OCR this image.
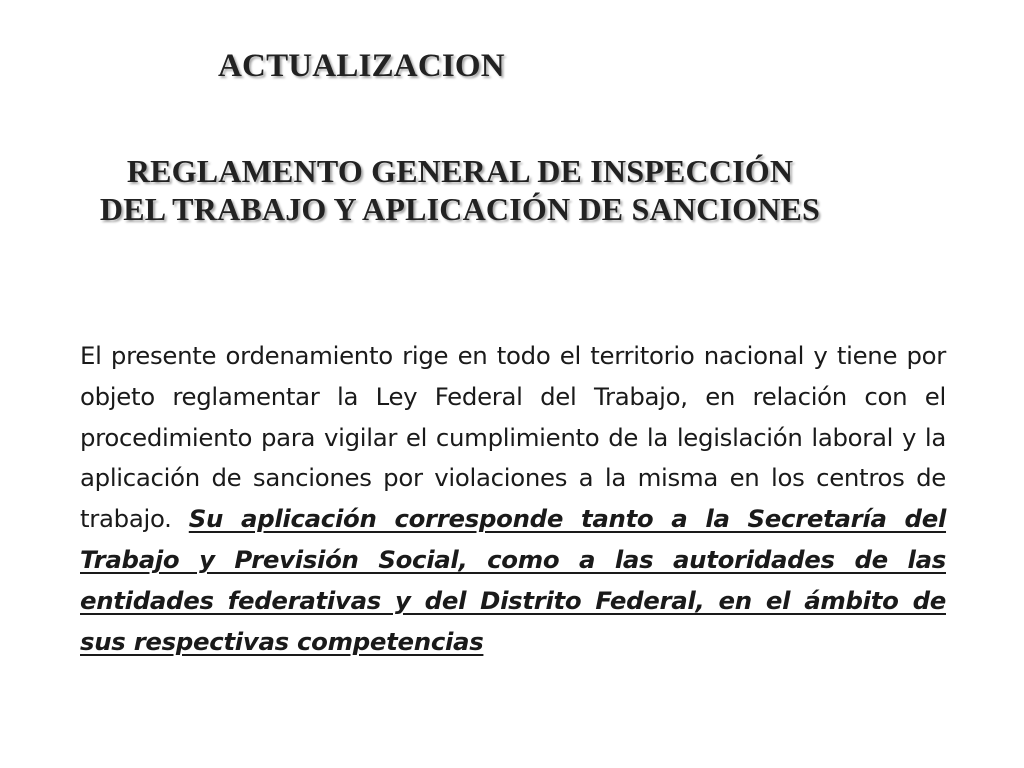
ACTUALIZACION
REGLAMENTO GENERAL DE INSPECCIÓN
DEL TRABAJO Y APLICACIÓN DE SANCIONES

El presente ordenamiento rige en todo el territorio nacional y tiene por objeto reglamentar la Ley Federal del Trabajo, en relación con el procedimiento para vigilar el cumplimiento de la legislación laboral y la aplicación de sanciones por violaciones a la misma en los centros de trabajo. Su aplicación corresponde tanto a la Secretaría del Trabajo y Previsión Social, como a las autoridades de las entidades federativas y del Distrito Federal, en el ámbito de sus respectivas competencias
